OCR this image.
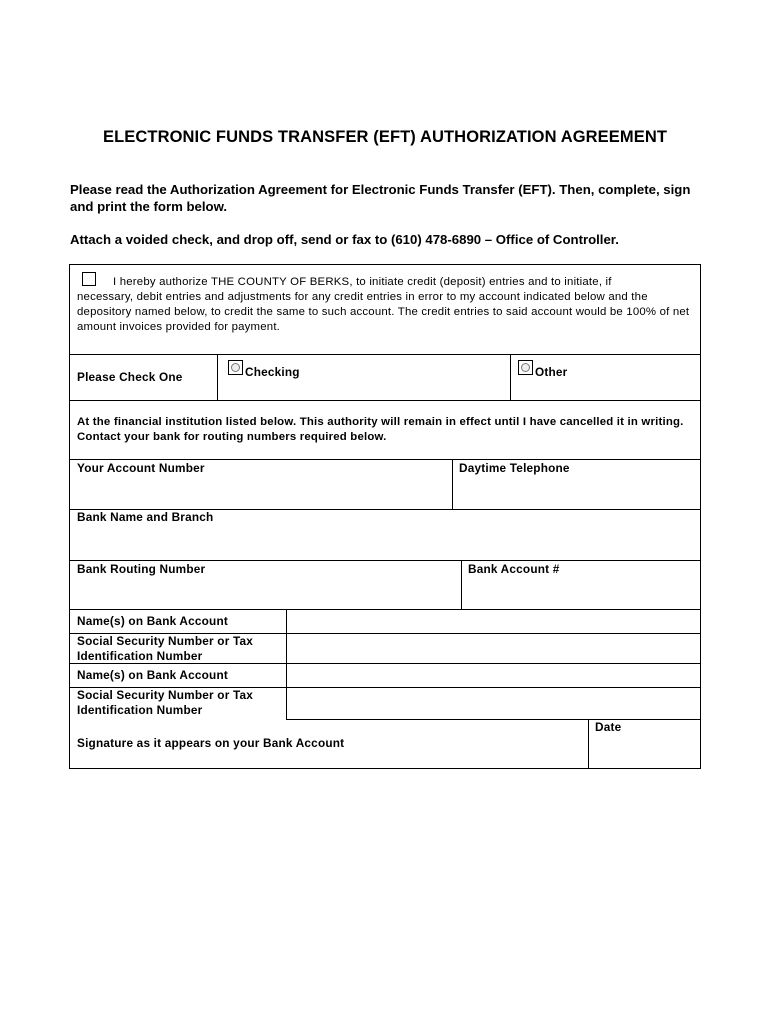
ELECTRONIC FUNDS TRANSFER (EFT) AUTHORIZATION AGREEMENT
Please read the Authorization Agreement for Electronic Funds Transfer (EFT). Then, complete, sign and print the form below.
Attach a voided check, and drop off, send or fax to (610) 478-6890 – Office of Controller.
I hereby authorize THE COUNTY OF BERKS, to initiate credit (deposit) entries and to initiate, if
necessary, debit entries and adjustments for any credit entries in error to my account indicated below and the depository named below, to credit the same to such account. The credit entries to said account would be 100% of net amount invoices provided for payment.
Please Check One	Checking	Other
At the financial institution listed below. This authority will remain in effect until I have cancelled it in writing. Contact your bank for routing numbers required below.
Your Account Number	Daytime Telephone
Bank Name and Branch
Bank Routing Number	Bank Account #
Name(s) on Bank Account
Social Security Number or Tax Identification Number
Name(s) on Bank Account
Social Security Number or Tax Identification Number
Signature as it appears on your Bank Account
Date
